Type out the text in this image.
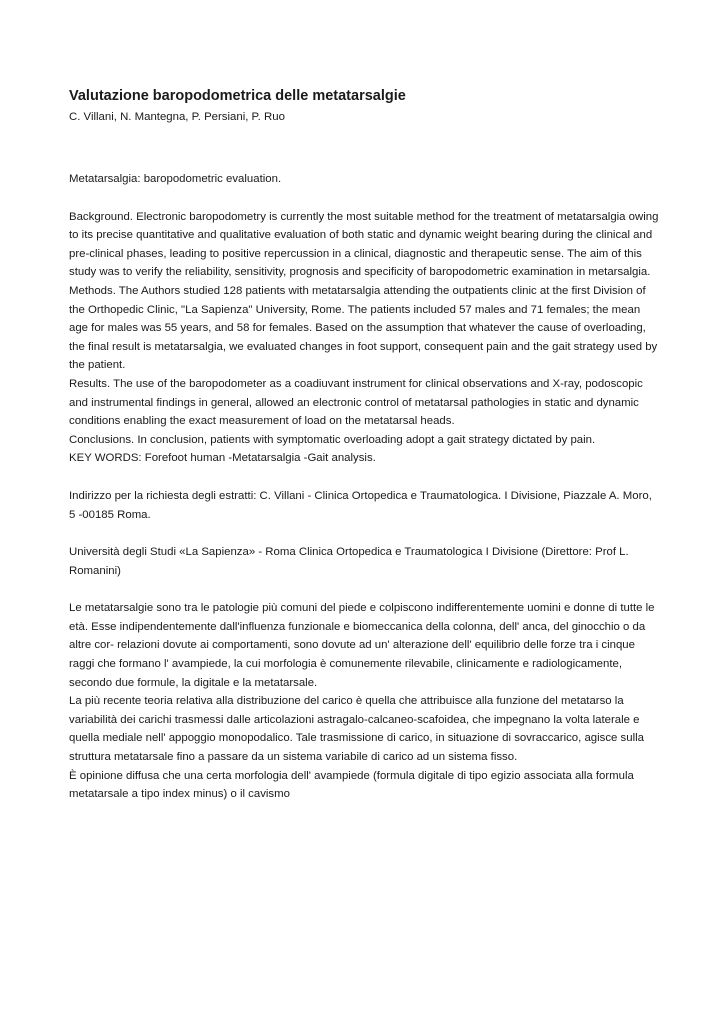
Valutazione baropodometrica delle metatarsalgie

C. Villani, N. Mantegna, P. Persiani, P. Ruo

Metatarsalgia: baropodometric evaluation.

Background. Electronic baropodometry is currently the most suitable method for the treatment of metatarsalgia owing to its precise quantitative and qualitative evaluation of both static and dynamic weight bearing during the clinical and pre-clinical phases, leading to positive repercussion in a clinical, diagnostic and therapeutic sense. The aim of this study was to verify the reliability, sensitivity, prognosis and specificity of baropodometric examination in metarsalgia.

Methods. The Authors studied 128 patients with metatarsalgia attending the outpatients clinic at the first Division of the Orthopedic Clinic, "La Sapienza" University, Rome. The patients included 57 males and 71 females; the mean age for males was 55 years, and 58 for females. Based on the assumption that whatever the cause of overloading, the final result is metatarsalgia, we evaluated changes in foot support, consequent pain and the gait strategy used by the patient.

Results. The use of the baropodometer as a coadiuvant instrument for clinical observations and X-ray, podoscopic and instrumental findings in general, allowed an electronic control of metatarsal pathologies in static and dynamic conditions enabling the exact measurement of load on the metatarsal heads.

Conclusions. In conclusion, patients with symptomatic overloading adopt a gait strategy dictated by pain.

KEY WORDS: Forefoot human -Metatarsalgia -Gait analysis.

Indirizzo per la richiesta degli estratti: C. Villani - Clinica Ortopedica e Traumatologica. I Divisione, Piazzale A. Moro, 5 -00185 Roma.

Università degli Studi «La Sapienza» - Roma Clinica Ortopedica e Traumatologica I Divisione (Direttore: Prof L. Romanini)

Le metatarsalgie sono tra le patologie più comuni del piede e colpiscono indifferentemente uomini e donne di tutte le età. Esse indipendentemente dall'influenza funzionale e biomeccanica della colonna, dell' anca, del ginocchio o da altre cor- relazioni dovute ai comportamenti, sono dovute ad un' alterazione dell' equilibrio delle forze tra i cinque raggi che formano l' avampiede, la cui morfologia è comunemente rilevabile, clinicamente e radiologicamente, secondo due formule, la digitale e la metatarsale.

La più recente teoria relativa alla distribuzione del carico è quella che attribuisce alla funzione del metatarso la variabilità dei carichi trasmessi dalle articolazioni astragalo-calcaneo-scafoidea, che impegnano la volta laterale e quella mediale nell' appoggio monopodalico. Tale trasmissione di carico, in situazione di sovraccarico, agisce sulla struttura metatarsale fino a passare da un sistema variabile di carico ad un sistema fisso.

È opinione diffusa che una certa morfologia dell' avampiede (formula digitale di tipo egizio associata alla formula metatarsale a tipo index minus) o il cavismo
